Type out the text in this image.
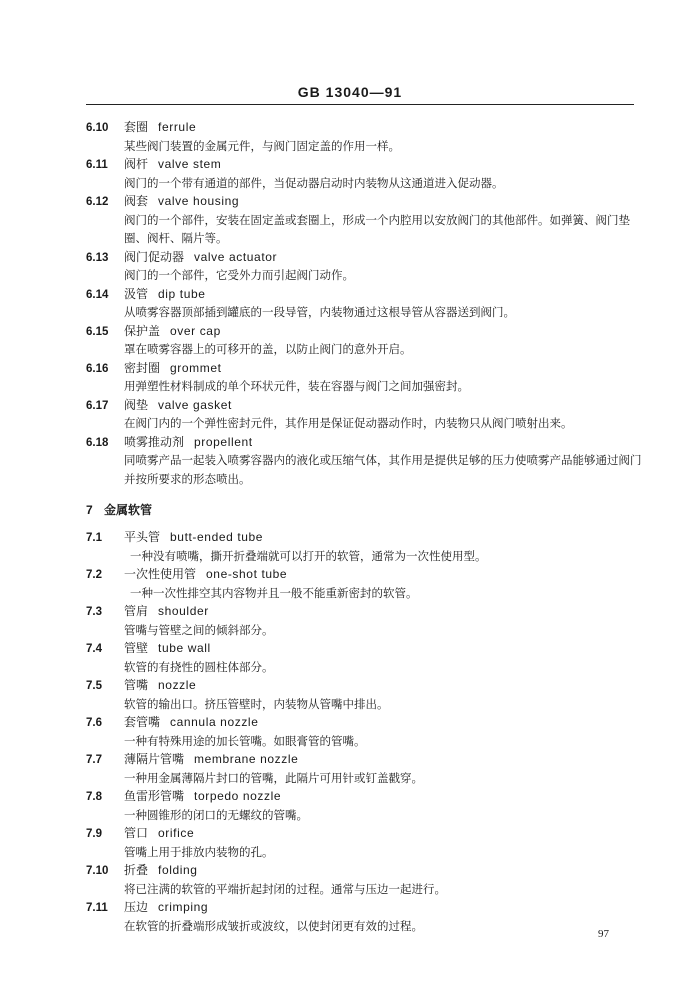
GB 13040—91
6.10 套圈 ferrule
某些阀门装置的金属元件，与阀门固定盖的作用一样。
6.11 阀杆 valve stem
阀门的一个带有通道的部件，当促动器启动时内装物从这通道进入促动器。
6.12 阀套 valve housing
阀门的一个部件，安装在固定盖或套圈上，形成一个内腔用以安放阀门的其他部件。如弹簧、阀门垫圈、阀杆、隔片等。
6.13 阀门促动器 valve actuator
阀门的一个部件，它受外力而引起阀门动作。
6.14 汲管 dip tube
从喷雾容器顶部插到罐底的一段导管，内装物通过这根导管从容器送到阀门。
6.15 保护盖 over cap
罩在喷雾容器上的可移开的盖，以防止阀门的意外开启。
6.16 密封圈 grommet
用弹塑性材料制成的单个环状元件，装在容器与阀门之间加强密封。
6.17 阀垫 valve gasket
在阀门内的一个弹性密封元件，其作用是保证促动器动作时，内装物只从阀门喷射出来。
6.18 喷雾推动剂 propellent
同喷雾产品一起装入喷雾容器内的液化或压缩气体，其作用是提供足够的压力使喷雾产品能够通过阀门并按所要求的形态喷出。
7 金属软管
7.1 平头管 butt-ended tube
一种没有喷嘴，撕开折叠端就可以打开的软管，通常为一次性使用型。
7.2 一次性使用管 one-shot tube
一种一次性排空其内容物并且一般不能重新密封的软管。
7.3 管肩 shoulder
管嘴与管壁之间的倾斜部分。
7.4 管壁 tube wall
软管的有挠性的圆柱体部分。
7.5 管嘴 nozzle
软管的输出口。挤压管壁时，内装物从管嘴中排出。
7.6 套管嘴 cannula nozzle
一种有特殊用途的加长管嘴。如眼膏管的管嘴。
7.7 薄隔片管嘴 membrane nozzle
一种用金属薄隔片封口的管嘴，此隔片可用针或钉盖戳穿。
7.8 鱼雷形管嘴 torpedo nozzle
一种圆锥形的闭口的无螺纹的管嘴。
7.9 管口 orifice
管嘴上用于排放内装物的孔。
7.10 折叠 folding
将已注满的软管的平端折起封闭的过程。通常与压边一起进行。
7.11 压边 crimping
在软管的折叠端形成皱折或波纹，以使封闭更有效的过程。
97
